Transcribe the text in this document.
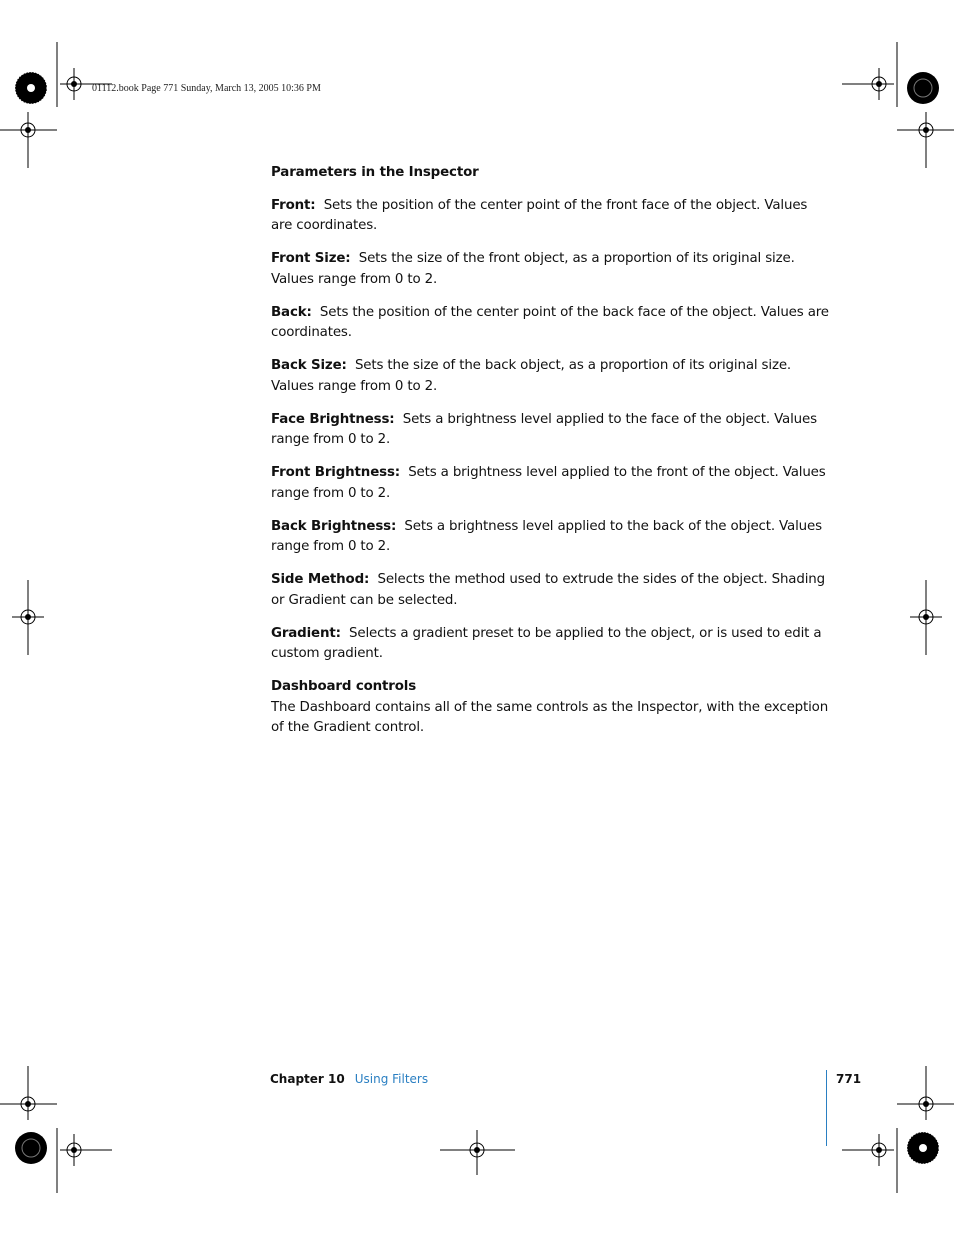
01112.book Page 771 Sunday, March 13, 2005 10:36 PM

Parameters in the Inspector

Front: Sets the position of the center point of the front face of the object. Values are coordinates.

Front Size: Sets the size of the front object, as a proportion of its original size. Values range from 0 to 2.

Back: Sets the position of the center point of the back face of the object. Values are coordinates.

Back Size: Sets the size of the back object, as a proportion of its original size. Values range from 0 to 2.

Face Brightness: Sets a brightness level applied to the face of the object. Values range from 0 to 2.

Front Brightness: Sets a brightness level applied to the front of the object. Values range from 0 to 2.

Back Brightness: Sets a brightness level applied to the back of the object. Values range from 0 to 2.

Side Method: Selects the method used to extrude the sides of the object. Shading or Gradient can be selected.

Gradient: Selects a gradient preset to be applied to the object, or is used to edit a custom gradient.

Dashboard controls

The Dashboard contains all of the same controls as the Inspector, with the exception of the Gradient control.

Chapter 10 Using Filters	771
